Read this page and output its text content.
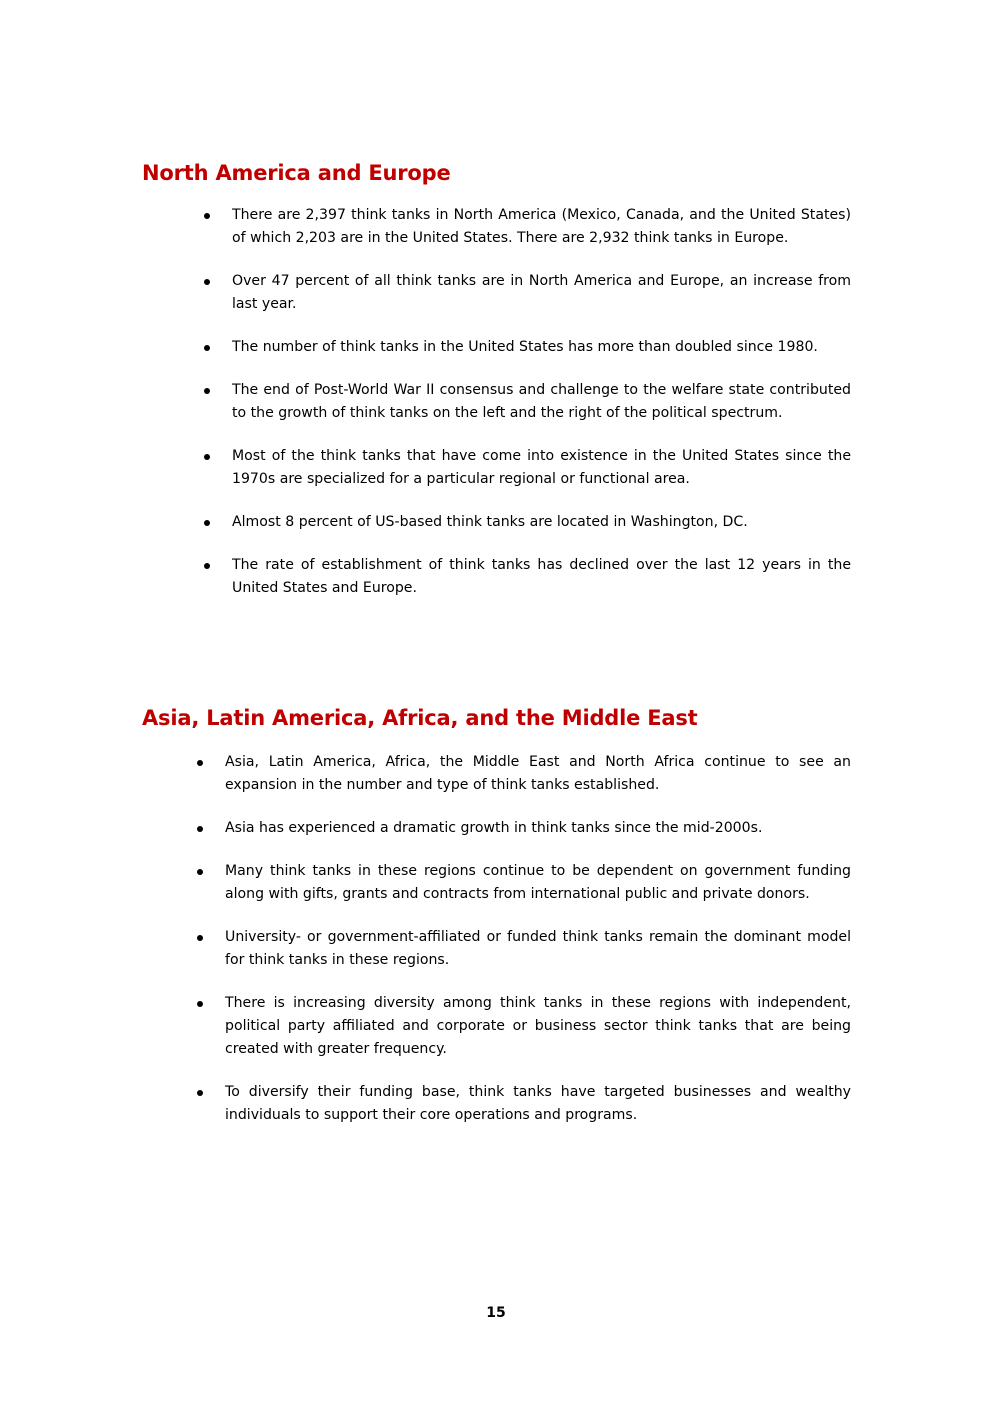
North America and Europe
There are 2,397 think tanks in North America (Mexico, Canada, and the United States) of which 2,203 are in the United States. There are 2,932 think tanks in Europe.
Over 47 percent of all think tanks are in North America and Europe, an increase from last year.
The number of think tanks in the United States has more than doubled since 1980.
The end of Post-World War II consensus and challenge to the welfare state contributed to the growth of think tanks on the left and the right of the political spectrum.
Most of the think tanks that have come into existence in the United States since the 1970s are specialized for a particular regional or functional area.
Almost 8 percent of US-based think tanks are located in Washington, DC.
The rate of establishment of think tanks has declined over the last 12 years in the United States and Europe.
Asia, Latin America, Africa, and the Middle East
Asia, Latin America, Africa, the Middle East and North Africa continue to see an expansion in the number and type of think tanks established.
Asia has experienced a dramatic growth in think tanks since the mid-2000s.
Many think tanks in these regions continue to be dependent on government funding along with gifts, grants and contracts from international public and private donors.
University- or government-affiliated or funded think tanks remain the dominant model for think tanks in these regions.
There is increasing diversity among think tanks in these regions with independent, political party affiliated and corporate or business sector think tanks that are being created with greater frequency.
To diversify their funding base, think tanks have targeted businesses and wealthy individuals to support their core operations and programs.
15
